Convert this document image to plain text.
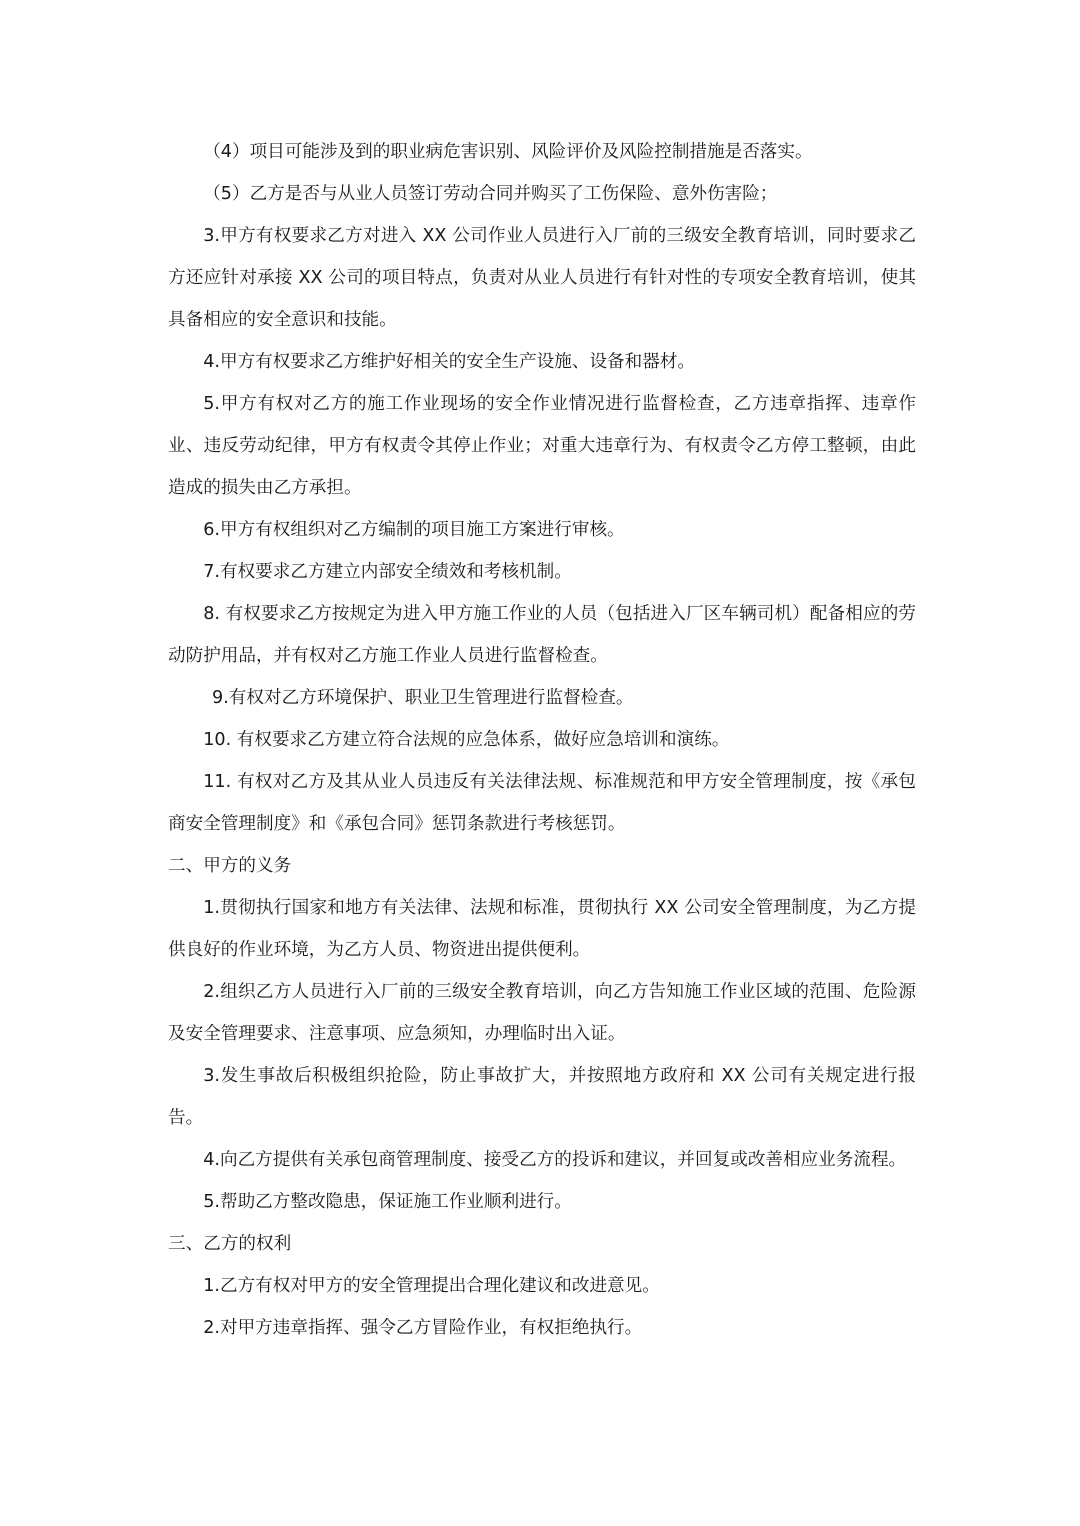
（4）项目可能涉及到的职业病危害识别、风险评价及风险控制措施是否落实。

（5）乙方是否与从业人员签订劳动合同并购买了工伤保险、意外伤害险；

3.甲方有权要求乙方对进入 XX 公司作业人员进行入厂前的三级安全教育培训，同时要求乙方还应针对承接 XX 公司的项目特点，负责对从业人员进行有针对性的专项安全教育培训，使其具备相应的安全意识和技能。

4.甲方有权要求乙方维护好相关的安全生产设施、设备和器材。

5.甲方有权对乙方的施工作业现场的安全作业情况进行监督检查，乙方违章指挥、违章作业、违反劳动纪律，甲方有权责令其停止作业；对重大违章行为、有权责令乙方停工整顿，由此造成的损失由乙方承担。

6.甲方有权组织对乙方编制的项目施工方案进行审核。

7.有权要求乙方建立内部安全绩效和考核机制。

8. 有权要求乙方按规定为进入甲方施工作业的人员（包括进入厂区车辆司机）配备相应的劳动防护用品，并有权对乙方施工作业人员进行监督检查。

9.有权对乙方环境保护、职业卫生管理进行监督检查。

10. 有权要求乙方建立符合法规的应急体系，做好应急培训和演练。

11. 有权对乙方及其从业人员违反有关法律法规、标准规范和甲方安全管理制度，按《承包商安全管理制度》和《承包合同》惩罚条款进行考核惩罚。

二、甲方的义务

1.贯彻执行国家和地方有关法律、法规和标准，贯彻执行 XX 公司安全管理制度，为乙方提供良好的作业环境，为乙方人员、物资进出提供便利。

2.组织乙方人员进行入厂前的三级安全教育培训，向乙方告知施工作业区域的范围、危险源及安全管理要求、注意事项、应急须知，办理临时出入证。

3.发生事故后积极组织抢险，防止事故扩大，并按照地方政府和 XX 公司有关规定进行报告。

4.向乙方提供有关承包商管理制度、接受乙方的投诉和建议，并回复或改善相应业务流程。

5.帮助乙方整改隐患，保证施工作业顺利进行。

三、乙方的权利

1.乙方有权对甲方的安全管理提出合理化建议和改进意见。

2.对甲方违章指挥、强令乙方冒险作业，有权拒绝执行。
